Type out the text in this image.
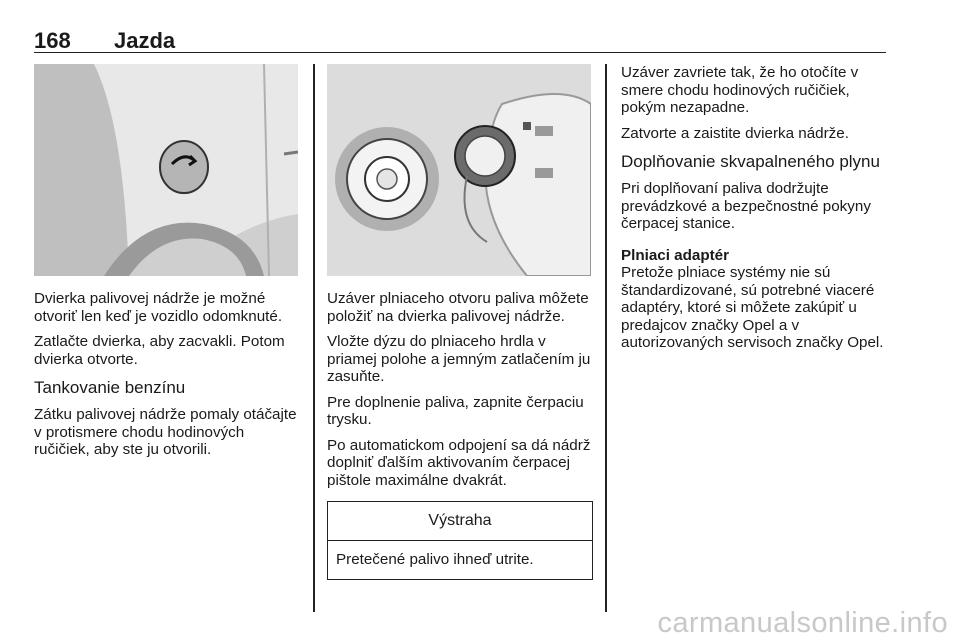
168 Jazda

Dvierka palivovej nádrže je možné otvoriť len keď je vozidlo odomknuté.

Zatlačte dvierka, aby zacvakli. Potom dvierka otvorte.

Tankovanie benzínu

Zátku palivovej nádrže pomaly otáčajte v protismere chodu hodinových ručičiek, aby ste ju otvorili.

Uzáver plniaceho otvoru paliva môžete položiť na dvierka palivovej nádrže.

Vložte dýzu do plniaceho hrdla v priamej polohe a jemným zatlačením ju zasuňte.

Pre doplnenie paliva, zapnite čerpaciu trysku.

Po automatickom odpojení sa dá nádrž doplniť ďalším aktivovaním čerpacej pištole maximálne dvakrát.

Výstraha
Pretečené palivo ihneď utrite.

Uzáver zavriete tak, že ho otočíte v smere chodu hodinových ručičiek, pokým nezapadne.

Zatvorte a zaistite dvierka nádrže.

Doplňovanie skvapalneného plynu

Pri doplňovaní paliva dodržujte prevádzkové a bezpečnostné pokyny čerpacej stanice.

Plniaci adaptér

Pretože plniace systémy nie sú štandardizované, sú potrebné viaceré adaptéry, ktoré si môžete zakúpiť u predajcov značky Opel a v autorizovaných servisoch značky Opel.

carmanualsonline.info
